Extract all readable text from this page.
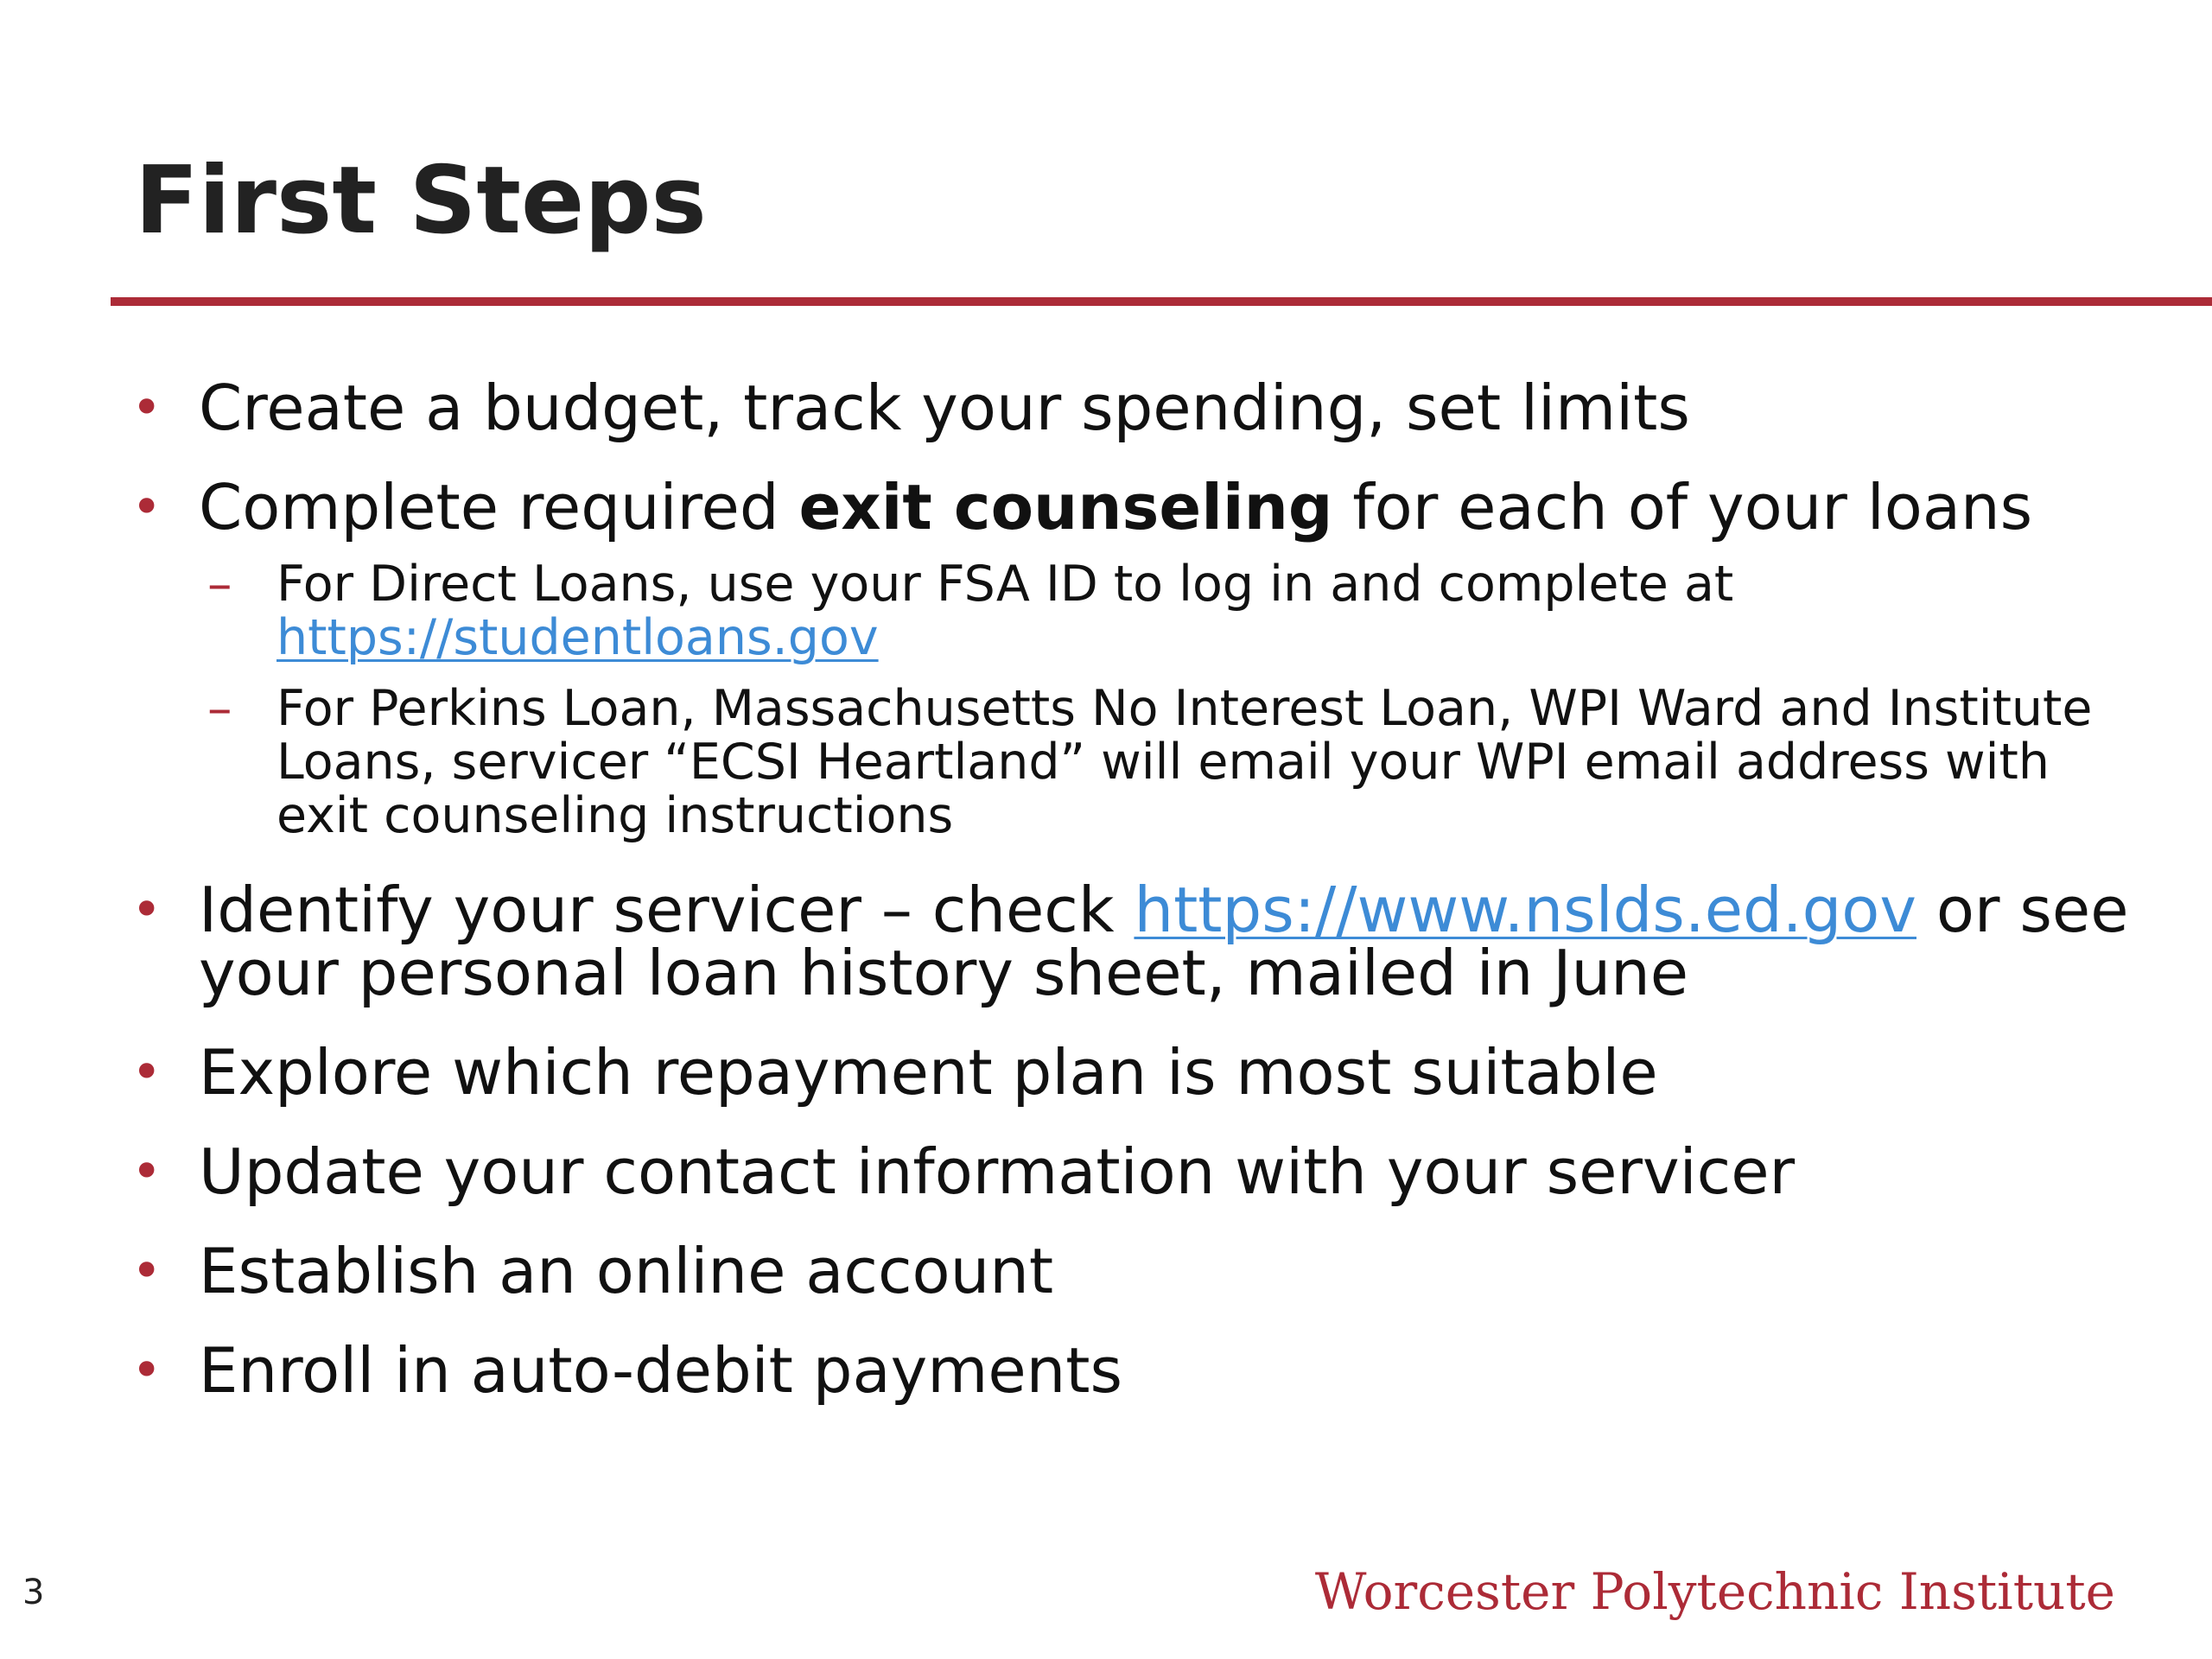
First Steps
• Create a budget, track your spending, set limits
• Complete required exit counseling for each of your loans
– For Direct Loans, use your FSA ID to log in and complete at https://studentloans.gov
– For Perkins Loan, Massachusetts No Interest Loan, WPI Ward and Institute Loans, servicer “ECSI Heartland” will email your WPI email address with exit counseling instructions
• Identify your servicer – check https://www.nslds.ed.gov or see your personal loan history sheet, mailed in June
• Explore which repayment plan is most suitable
• Update your contact information with your servicer
• Establish an online account
• Enroll in auto-debit payments
3	Worcester Polytechnic Institute
